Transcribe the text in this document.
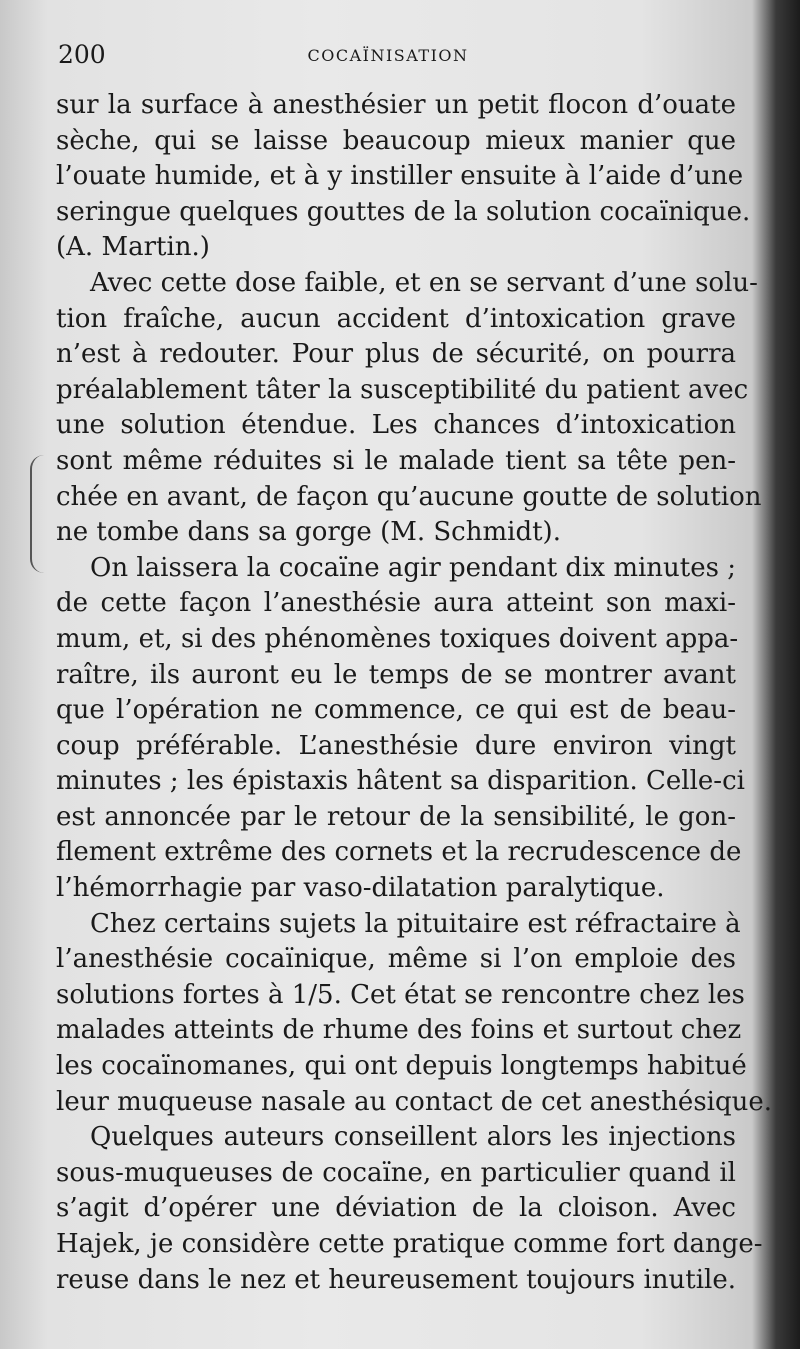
200	COCAÏNISATION
sur la surface à anesthésier un petit flocon d’ouate
sèche, qui se laisse beaucoup mieux manier que
l’ouate humide, et à y instiller ensuite à l’aide d’une
seringue quelques gouttes de la solution cocaïnique.
(A. Martin.)
Avec cette dose faible, et en se servant d’une solu-
tion fraîche, aucun accident d’intoxication grave
n’est à redouter. Pour plus de sécurité, on pourra
préalablement tâter la susceptibilité du patient avec
une solution étendue. Les chances d’intoxication
sont même réduites si le malade tient sa tête pen-
chée en avant, de façon qu’aucune goutte de solution
ne tombe dans sa gorge (M. Schmidt).
On laissera la cocaïne agir pendant dix minutes ;
de cette façon l’anesthésie aura atteint son maxi-
mum, et, si des phénomènes toxiques doivent appa-
raître, ils auront eu le temps de se montrer avant
que l’opération ne commence, ce qui est de beau-
coup préférable. L’anesthésie dure environ vingt
minutes ; les épistaxis hâtent sa disparition. Celle-ci
est annoncée par le retour de la sensibilité, le gon-
flement extrême des cornets et la recrudescence de
l’hémorrhagie par vaso-dilatation paralytique.
Chez certains sujets la pituitaire est réfractaire à
l’anesthésie cocaïnique, même si l’on emploie des
solutions fortes à 1/5. Cet état se rencontre chez les
malades atteints de rhume des foins et surtout chez
les cocaïnomanes, qui ont depuis longtemps habitué
leur muqueuse nasale au contact de cet anesthésique.
Quelques auteurs conseillent alors les injections
sous-muqueuses de cocaïne, en particulier quand il
s’agit d’opérer une déviation de la cloison. Avec
Hajek, je considère cette pratique comme fort dange-
reuse dans le nez et heureusement toujours inutile.
